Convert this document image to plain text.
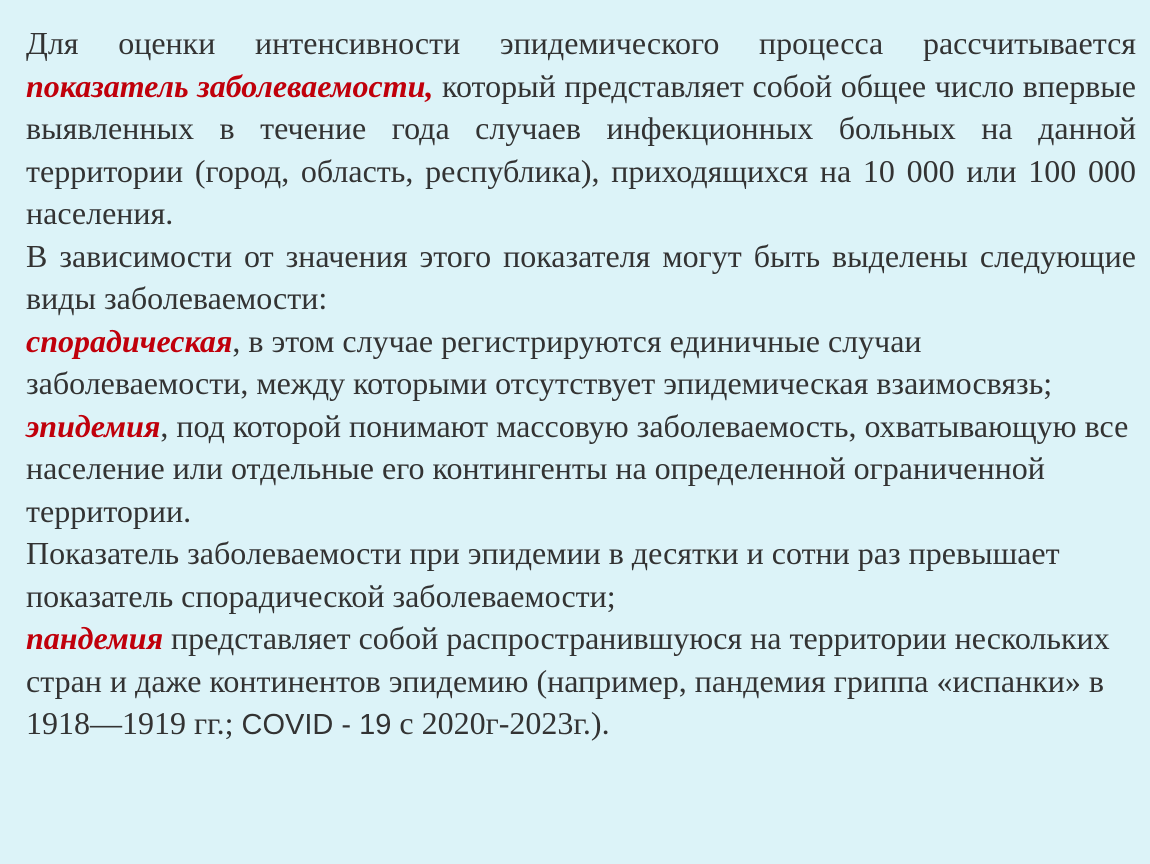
Для оценки интенсивности эпидемического процесса рассчитывается показатель заболеваемости, который представляет собой общее число впервые выявленных в течение года случаев инфекционных больных на данной территории (город, область, республика), приходящихся на 10 000 или 100 000 населения.

В зависимости от значения этого показателя могут быть выделены следующие виды заболеваемости:

спорадическая, в этом случае регистрируются единичные случаи заболеваемости, между которыми отсутствует эпидемическая взаимосвязь;

эпидемия, под которой понимают массовую заболеваемость, охватывающую все население или отдельные его контингенты на определенной ограниченной территории.

Показатель заболеваемости при эпидемии в десятки и сотни раз превышает показатель спорадической заболеваемости;

пандемия представляет собой распространившуюся на территории нескольких стран и даже континентов эпидемию (например, пандемия гриппа «испанки» в 1918—1919 гг.; COVID - 19 с 2020г-2023г.).
